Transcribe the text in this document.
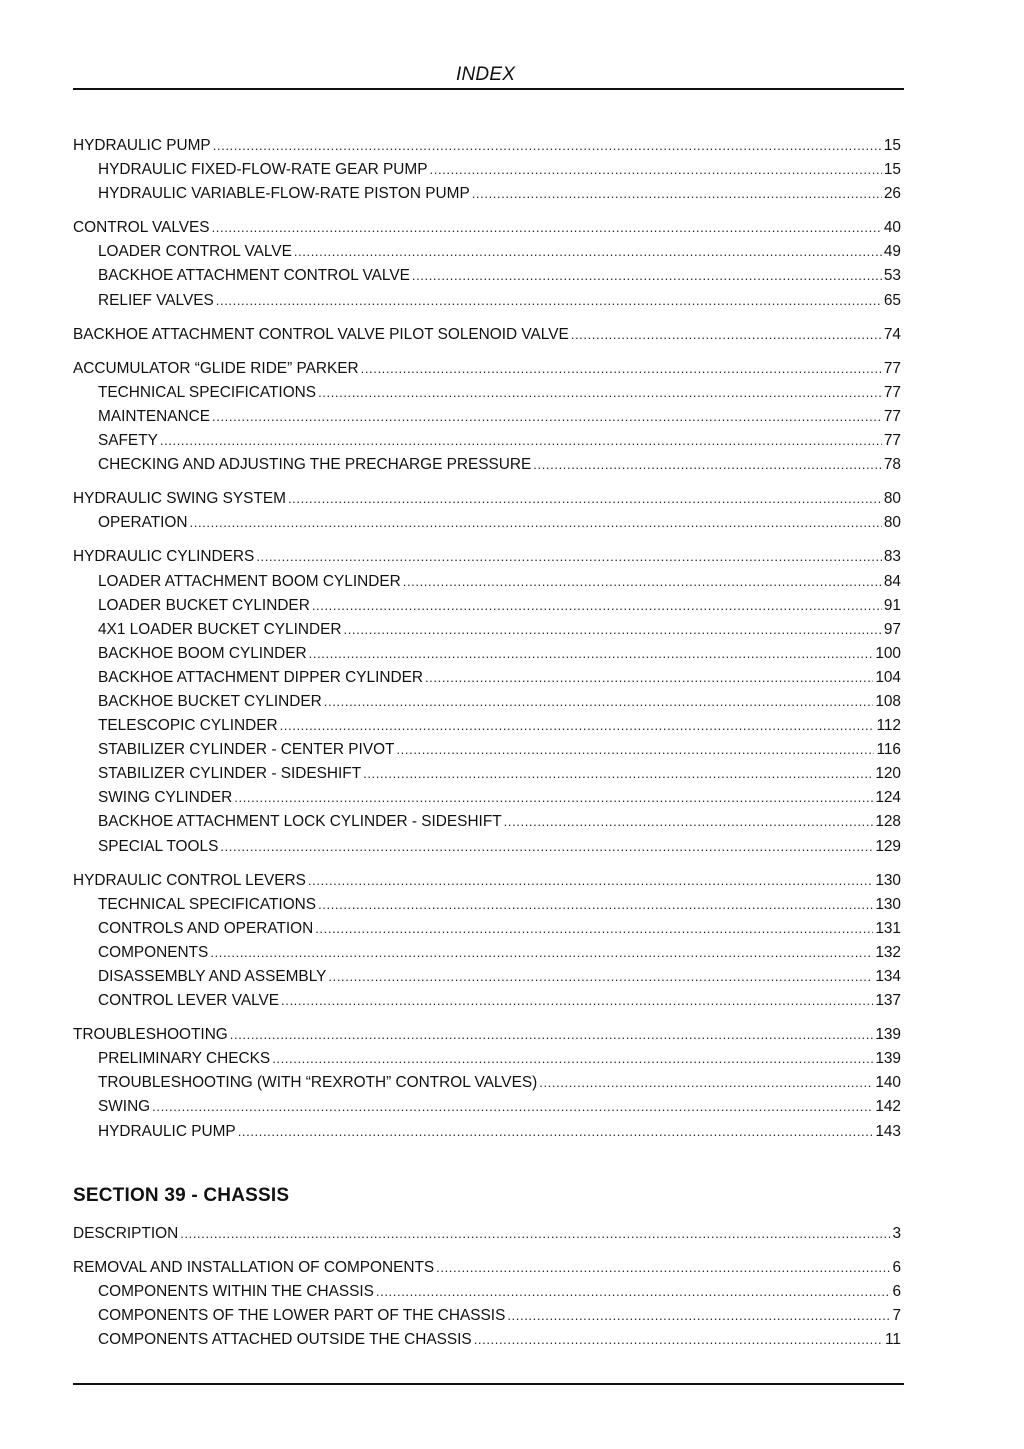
INDEX
HYDRAULIC PUMP .....	15
HYDRAULIC FIXED-FLOW-RATE GEAR PUMP .....	15
HYDRAULIC VARIABLE-FLOW-RATE PISTON PUMP .....	26
CONTROL VALVES .....	40
LOADER CONTROL VALVE .....	49
BACKHOE ATTACHMENT CONTROL VALVE .....	53
RELIEF VALVES .....	65
BACKHOE ATTACHMENT CONTROL VALVE PILOT SOLENOID VALVE .....	74
ACCUMULATOR “GLIDE RIDE” PARKER .....	77
TECHNICAL SPECIFICATIONS .....	77
MAINTENANCE .....	77
SAFETY .....	77
CHECKING AND ADJUSTING THE PRECHARGE PRESSURE .....	78
HYDRAULIC SWING SYSTEM .....	80
OPERATION .....	80
HYDRAULIC CYLINDERS .....	83
LOADER ATTACHMENT BOOM CYLINDER .....	84
LOADER BUCKET CYLINDER .....	91
4X1 LOADER BUCKET CYLINDER .....	97
BACKHOE BOOM CYLINDER .....	100
BACKHOE ATTACHMENT DIPPER CYLINDER .....	104
BACKHOE BUCKET CYLINDER .....	108
TELESCOPIC CYLINDER .....	112
STABILIZER CYLINDER - CENTER PIVOT .....	116
STABILIZER CYLINDER - SIDESHIFT .....	120
SWING CYLINDER .....	124
BACKHOE ATTACHMENT LOCK CYLINDER - SIDESHIFT .....	128
SPECIAL TOOLS .....	129
HYDRAULIC CONTROL LEVERS .....	130
TECHNICAL SPECIFICATIONS .....	130
CONTROLS AND OPERATION .....	131
COMPONENTS .....	132
DISASSEMBLY AND ASSEMBLY .....	134
CONTROL LEVER VALVE .....	137
TROUBLESHOOTING .....	139
PRELIMINARY CHECKS .....	139
TROUBLESHOOTING (WITH “REXROTH” CONTROL VALVES) .....	140
SWING .....	142
HYDRAULIC PUMP .....	143
SECTION 39 - CHASSIS
DESCRIPTION .....	3
REMOVAL AND INSTALLATION OF COMPONENTS .....	6
COMPONENTS WITHIN THE CHASSIS .....	6
COMPONENTS OF THE LOWER PART OF THE CHASSIS .....	7
COMPONENTS ATTACHED OUTSIDE THE CHASSIS .....	11
